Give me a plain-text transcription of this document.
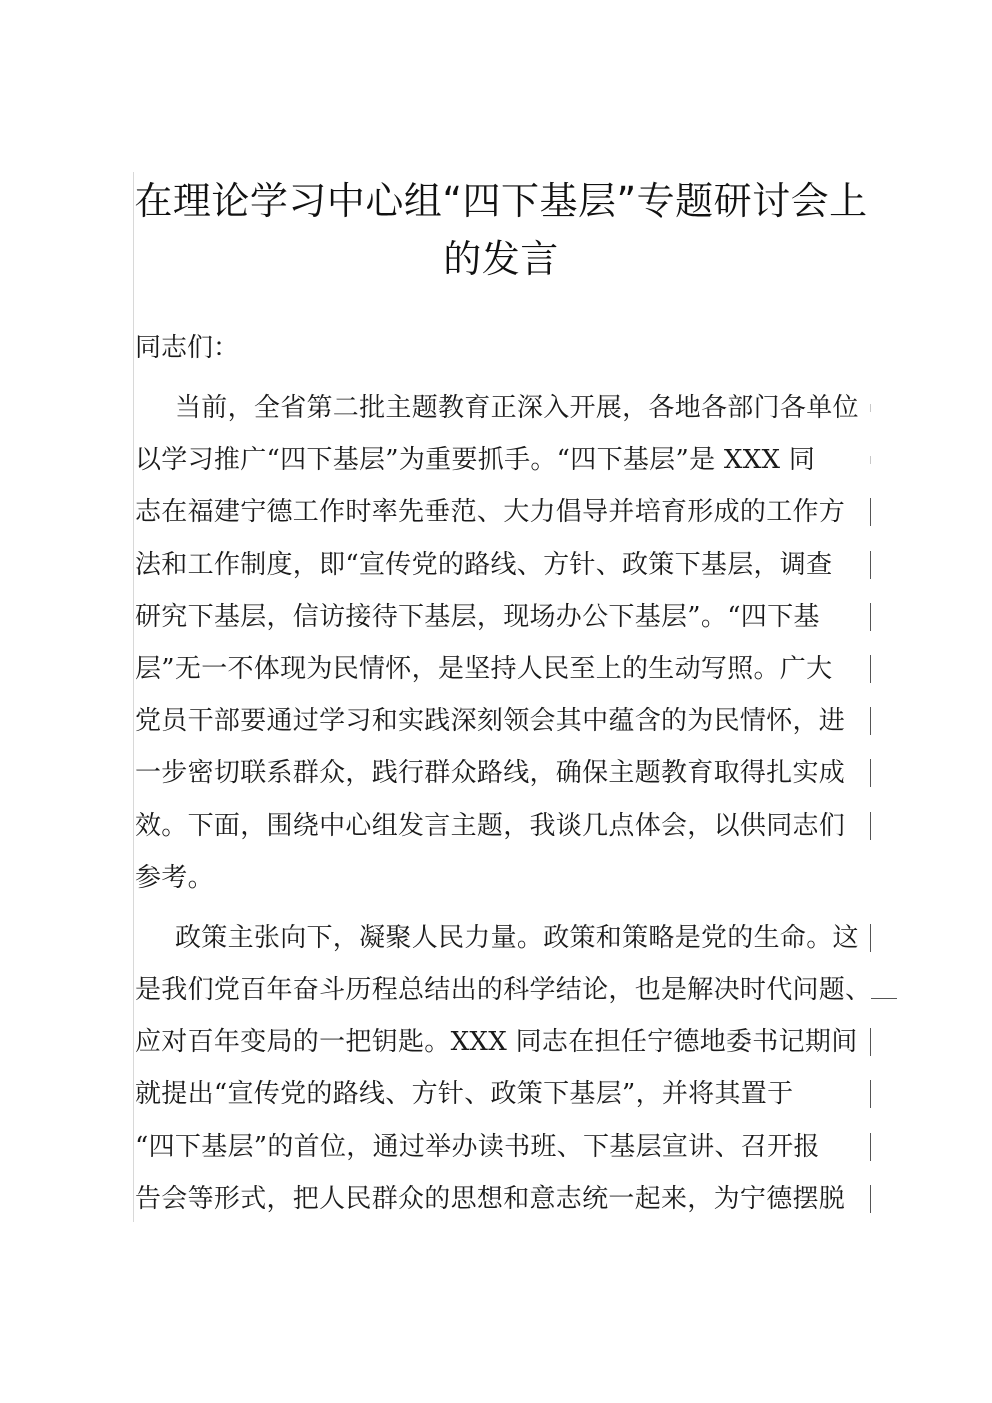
在理论学习中心组“四下基层”专题研讨会上
的发言
同志们：
当前，全省第二批主题教育正深入开展，各地各部门各单位
以学习推广“四下基层”为重要抓手。“四下基层”是 XXX 同
志在福建宁德工作时率先垂范、大力倡导并培育形成的工作方
法和工作制度，即“宣传党的路线、方针、政策下基层，调查
研究下基层，信访接待下基层，现场办公下基层”。“四下基
层”无一不体现为民情怀，是坚持人民至上的生动写照。广大
党员干部要通过学习和实践深刻领会其中蕴含的为民情怀，进
一步密切联系群众，践行群众路线，确保主题教育取得扎实成
效。下面，围绕中心组发言主题，我谈几点体会，以供同志们
参考。
政策主张向下，凝聚人民力量。政策和策略是党的生命。这
是我们党百年奋斗历程总结出的科学结论，也是解决时代问题、
应对百年变局的一把钥匙。XXX 同志在担任宁德地委书记期间
就提出“宣传党的路线、方针、政策下基层”，并将其置于
“四下基层”的首位，通过举办读书班、下基层宣讲、召开报
告会等形式，把人民群众的思想和意志统一起来，为宁德摆脱
